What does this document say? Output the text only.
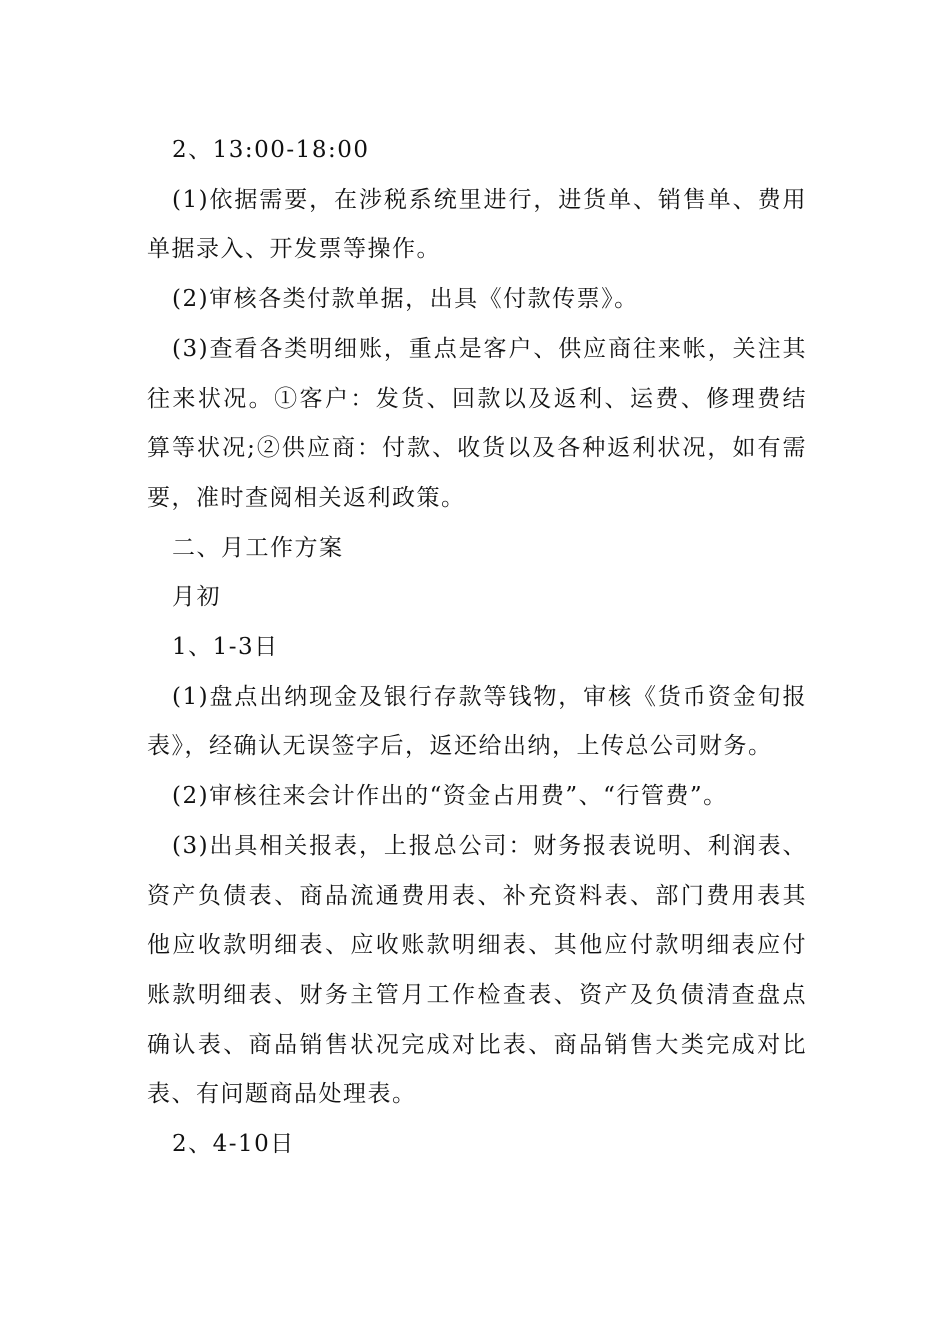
2、13:00-18:00

(1)依据需要，在涉税系统里进行，进货单、销售单、费用单据录入、开发票等操作。

(2)审核各类付款单据，出具《付款传票》。

(3)查看各类明细账，重点是客户、供应商往来帐，关注其往来状况。①客户：发货、回款以及返利、运费、修理费结算等状况;②供应商：付款、收货以及各种返利状况，如有需要，准时查阅相关返利政策。

二、月工作方案

月初

1、1-3日

(1)盘点出纳现金及银行存款等钱物，审核《货币资金旬报表》，经确认无误签字后，返还给出纳，上传总公司财务。

(2)审核往来会计作出的“资金占用费”、“行管费”。

(3)出具相关报表，上报总公司：财务报表说明、利润表、资产负债表、商品流通费用表、补充资料表、部门费用表其他应收款明细表、应收账款明细表、其他应付款明细表应付账款明细表、财务主管月工作检查表、资产及负债清查盘点确认表、商品销售状况完成对比表、商品销售大类完成对比表、有问题商品处理表。

2、4-10日
